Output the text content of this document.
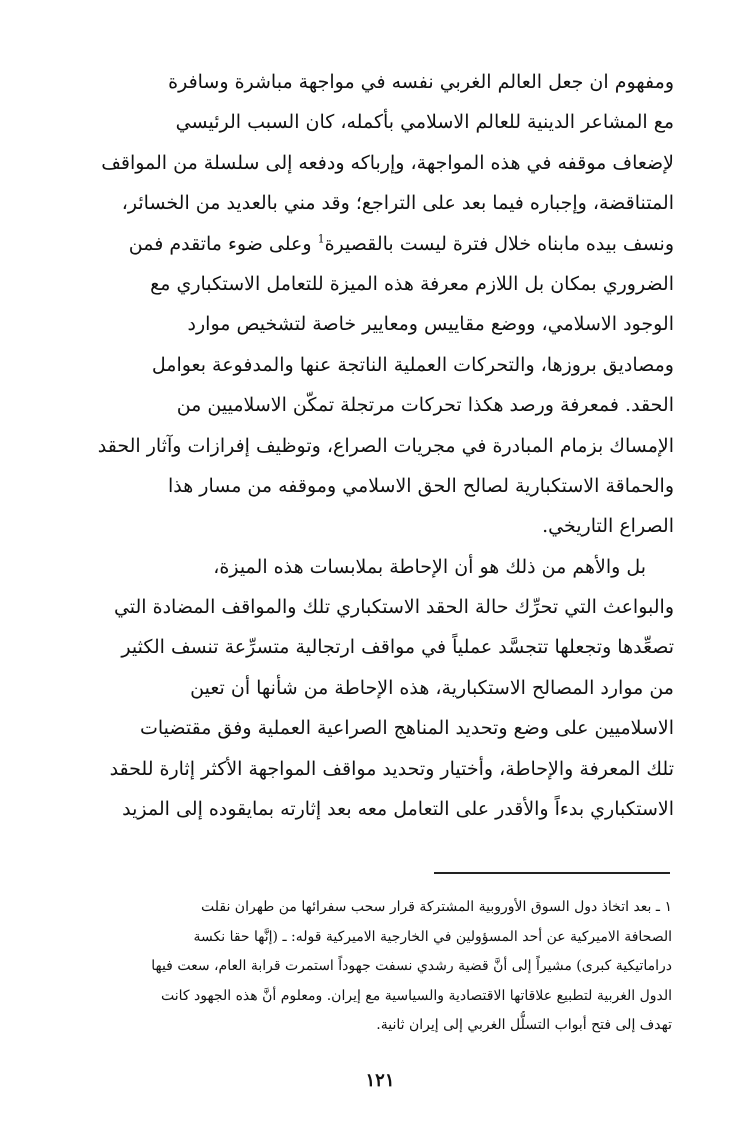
ومفهوم ان جعل العالم الغربي نفسه في مواجهة مباشرة وسافرة
مع المشاعر الدينية للعالم الاسلامي بأكمله، كان السبب الرئيسي
لإضعاف موقفه في هذه المواجهة، وإرباكه ودفعه إلى سلسلة من المواقف
المتناقضة، وإجباره فيما بعد على التراجع؛ وقد مني بالعديد من الخسائر،
ونسف بيده مابناه خلال فترة ليست بالقصيرة$^1$ وعلى ضوء ماتقدم فمن
الضروري بمكان بل اللازم معرفة هذه الميزة للتعامل الاستكباري مع
الوجود الاسلامي، ووضع مقاييس ومعايير خاصة لتشخيص موارد
ومصاديق بروزها، والتحركات العملية الناتجة عنها والمدفوعة بعوامل
الحقد. فمعرفة ورصد هكذا تحركات مرتجلة تمكّن الاسلاميين من
الإمساك بزمام المبادرة في مجريات الصراع، وتوظيف إفرازات وآثار الحقد
والحماقة الاستكبارية لصالح الحق الاسلامي وموقفه من مسار هذا
الصراع التاريخي.
بل والأهم من ذلك هو أن الإحاطة بملابسات هذه الميزة،
والبواعث التي تحرِّك حالة الحقد الاستكباري تلك والمواقف المضادة التي
تصعِّدها وتجعلها تتجسَّد عملياً في مواقف ارتجالية متسرِّعة تنسف الكثير
من موارد المصالح الاستكبارية، هذه الإحاطة من شأنها أن تعين
الاسلاميين على وضع وتحديد المناهج الصراعية العملية وفق مقتضيات
تلك المعرفة والإحاطة، وأختيار وتحديد مواقف المواجهة الأكثر إثارة للحقد
الاستكباري بدءاً والأقدر على التعامل معه بعد إثارته بمايقوده إلى المزيد
١ ـ بعد اتخاذ دول السوق الأوروبية المشتركة قرار سحب سفرائها من طهران نقلت
الصحافة الاميركية عن أحد المسؤولين في الخارجية الاميركية قوله: ـ (إنَّها حقا نكسة
دراماتيكية كبرى) مشيراً إلى أنَّ قضية رشدي نسفت جهوداً استمرت قرابة العام، سعت فيها
الدول الغربية لتطبيع علاقاتها الاقتصادية والسياسية مع إيران. ومعلوم أنَّ هذه الجهود كانت
تهدف إلى فتح أبواب التسلُّل الغربي إلى إيران ثانية.
١٢١
